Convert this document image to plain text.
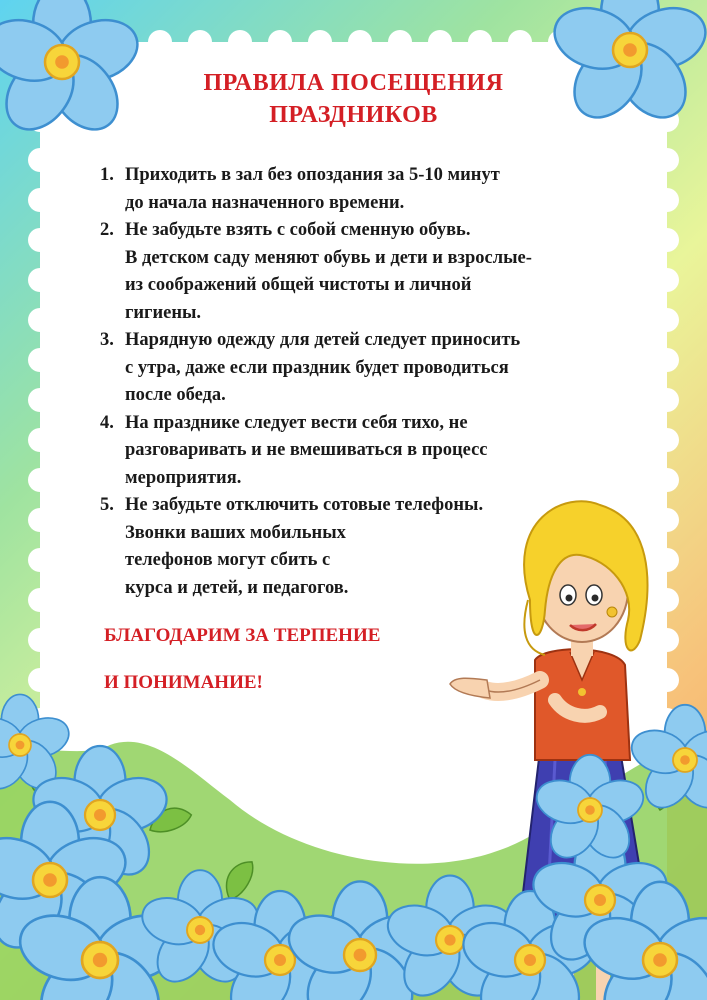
ПРАВИЛА ПОСЕЩЕНИЯ
ПРАЗДНИКОВ
1. Приходить в зал без опоздания за 5-10 минут
до начала назначенного времени.
2. Не забудьте взять с собой сменную обувь.
В детском саду меняют обувь и дети и взрослые-
из соображений общей чистоты и личной
гигиены.
3. Нарядную одежду для детей следует приносить
с утра, даже если праздник будет проводиться
после обеда.
4. На празднике следует вести себя тихо, не
разговаривать и не вмешиваться в процесс
мероприятия.
5. Не забудьте отключить сотовые телефоны.
Звонки ваших мобильных
телефонов могут сбить с
курса и детей, и педагогов.
БЛАГОДАРИМ ЗА ТЕРПЕНИЕ
И ПОНИМАНИЕ!
